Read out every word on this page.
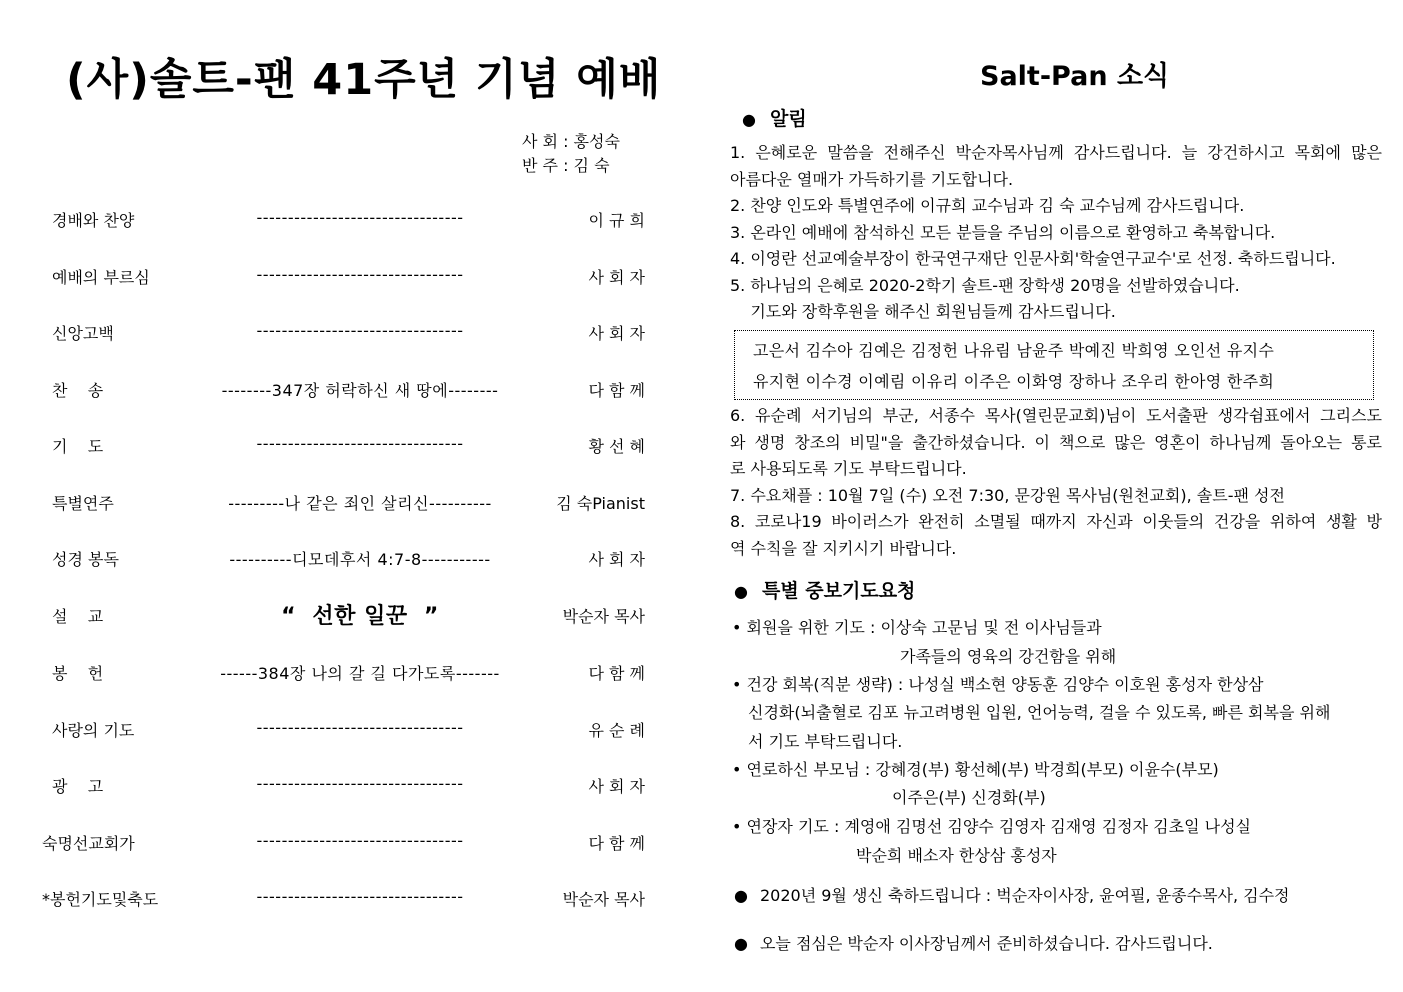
(사)솔트-팬 41주년 기념 예배
사 회 : 홍성숙
반 주 : 김 숙
경배와 찬양	---------------------------------	이 규 희
예배의 부르심	---------------------------------	사 회 자
신앙고백	---------------------------------	사 회 자
찬    송	--------347장 허락하신 새 땅에--------	다 함 께
기    도	---------------------------------	황 선 혜
특별연주	---------나 같은 죄인 살리신----------	김 숙Pianist
성경 봉독	----------디모데후서 4:7-8-----------	사 회 자
설    교	“  선한 일꾼  ”	박순자 목사
봉    헌	------384장 나의 갈 길 다가도록-------	다 함 께
사랑의 기도	---------------------------------	유 순 례
광    고	---------------------------------	사 회 자
숙명선교회가	---------------------------------	다 함 께
*봉헌기도및축도	---------------------------------	박순자 목사
Salt-Pan 소식
● 알림
1. 은혜로운 말씀을 전해주신 박순자목사님께 감사드립니다. 늘 강건하시고 목회에 많은
아름다운 열매가 가득하기를 기도합니다.
2. 찬양 인도와 특별연주에 이규희 교수님과 김 숙 교수님께 감사드립니다.
3. 온라인 예배에 참석하신 모든 분들을 주님의 이름으로 환영하고 축복합니다.
4. 이영란 선교예술부장이 한국연구재단 인문사회'학술연구교수'로 선정. 축하드립니다.
5. 하나님의 은혜로 2020-2학기 솔트-팬 장학생 20명을 선발하였습니다.
기도와 장학후원을 해주신 회원님들께 감사드립니다.
고은서 김수아 김예은 김정헌 나유림 남윤주 박예진 박희영 오인선 유지수
유지현 이수경 이예림 이유리 이주은 이화영 장하나 조우리 한아영 한주희
6. 유순례 서기님의 부군, 서종수 목사(열린문교회)님이 도서출판 생각쉼표에서 그리스도
와 생명 창조의 비밀"을 출간하셨습니다. 이 책으로 많은 영혼이 하나님께 돌아오는 통로
로 사용되도록 기도 부탁드립니다.
7. 수요채플 : 10월 7일 (수) 오전 7:30, 문강원 목사님(원천교회), 솔트-팬 성전
8. 코로나19 바이러스가 완전히 소멸될 때까지 자신과 이웃들의 건강을 위하여 생활 방
역 수칙을 잘 지키시기 바랍니다.
● 특별 중보기도요청
• 회원을 위한 기도 : 이상숙 고문님 및 전 이사님들과
가족들의 영육의 강건함을 위해
• 건강 회복(직분 생략) : 나성실 백소현 양동훈 김양수 이호원 홍성자 한상삼
신경화(뇌출혈로 김포 뉴고려병원 입원, 언어능력, 걸을 수 있도록, 빠른 회복을 위해
서 기도 부탁드립니다.
• 연로하신 부모님 : 강혜경(부) 황선혜(부) 박경희(부모) 이윤수(부모)
이주은(부) 신경화(부)
• 연장자 기도 : 계영애 김명선 김양수 김영자 김재영 김정자 김초일 나성실
박순희 배소자 한상삼 홍성자
● 2020년 9월 생신 축하드립니다 : 벅순자이사장, 윤여필, 윤종수목사, 김수정
● 오늘 점심은 박순자 이사장님께서 준비하셨습니다. 감사드립니다.
